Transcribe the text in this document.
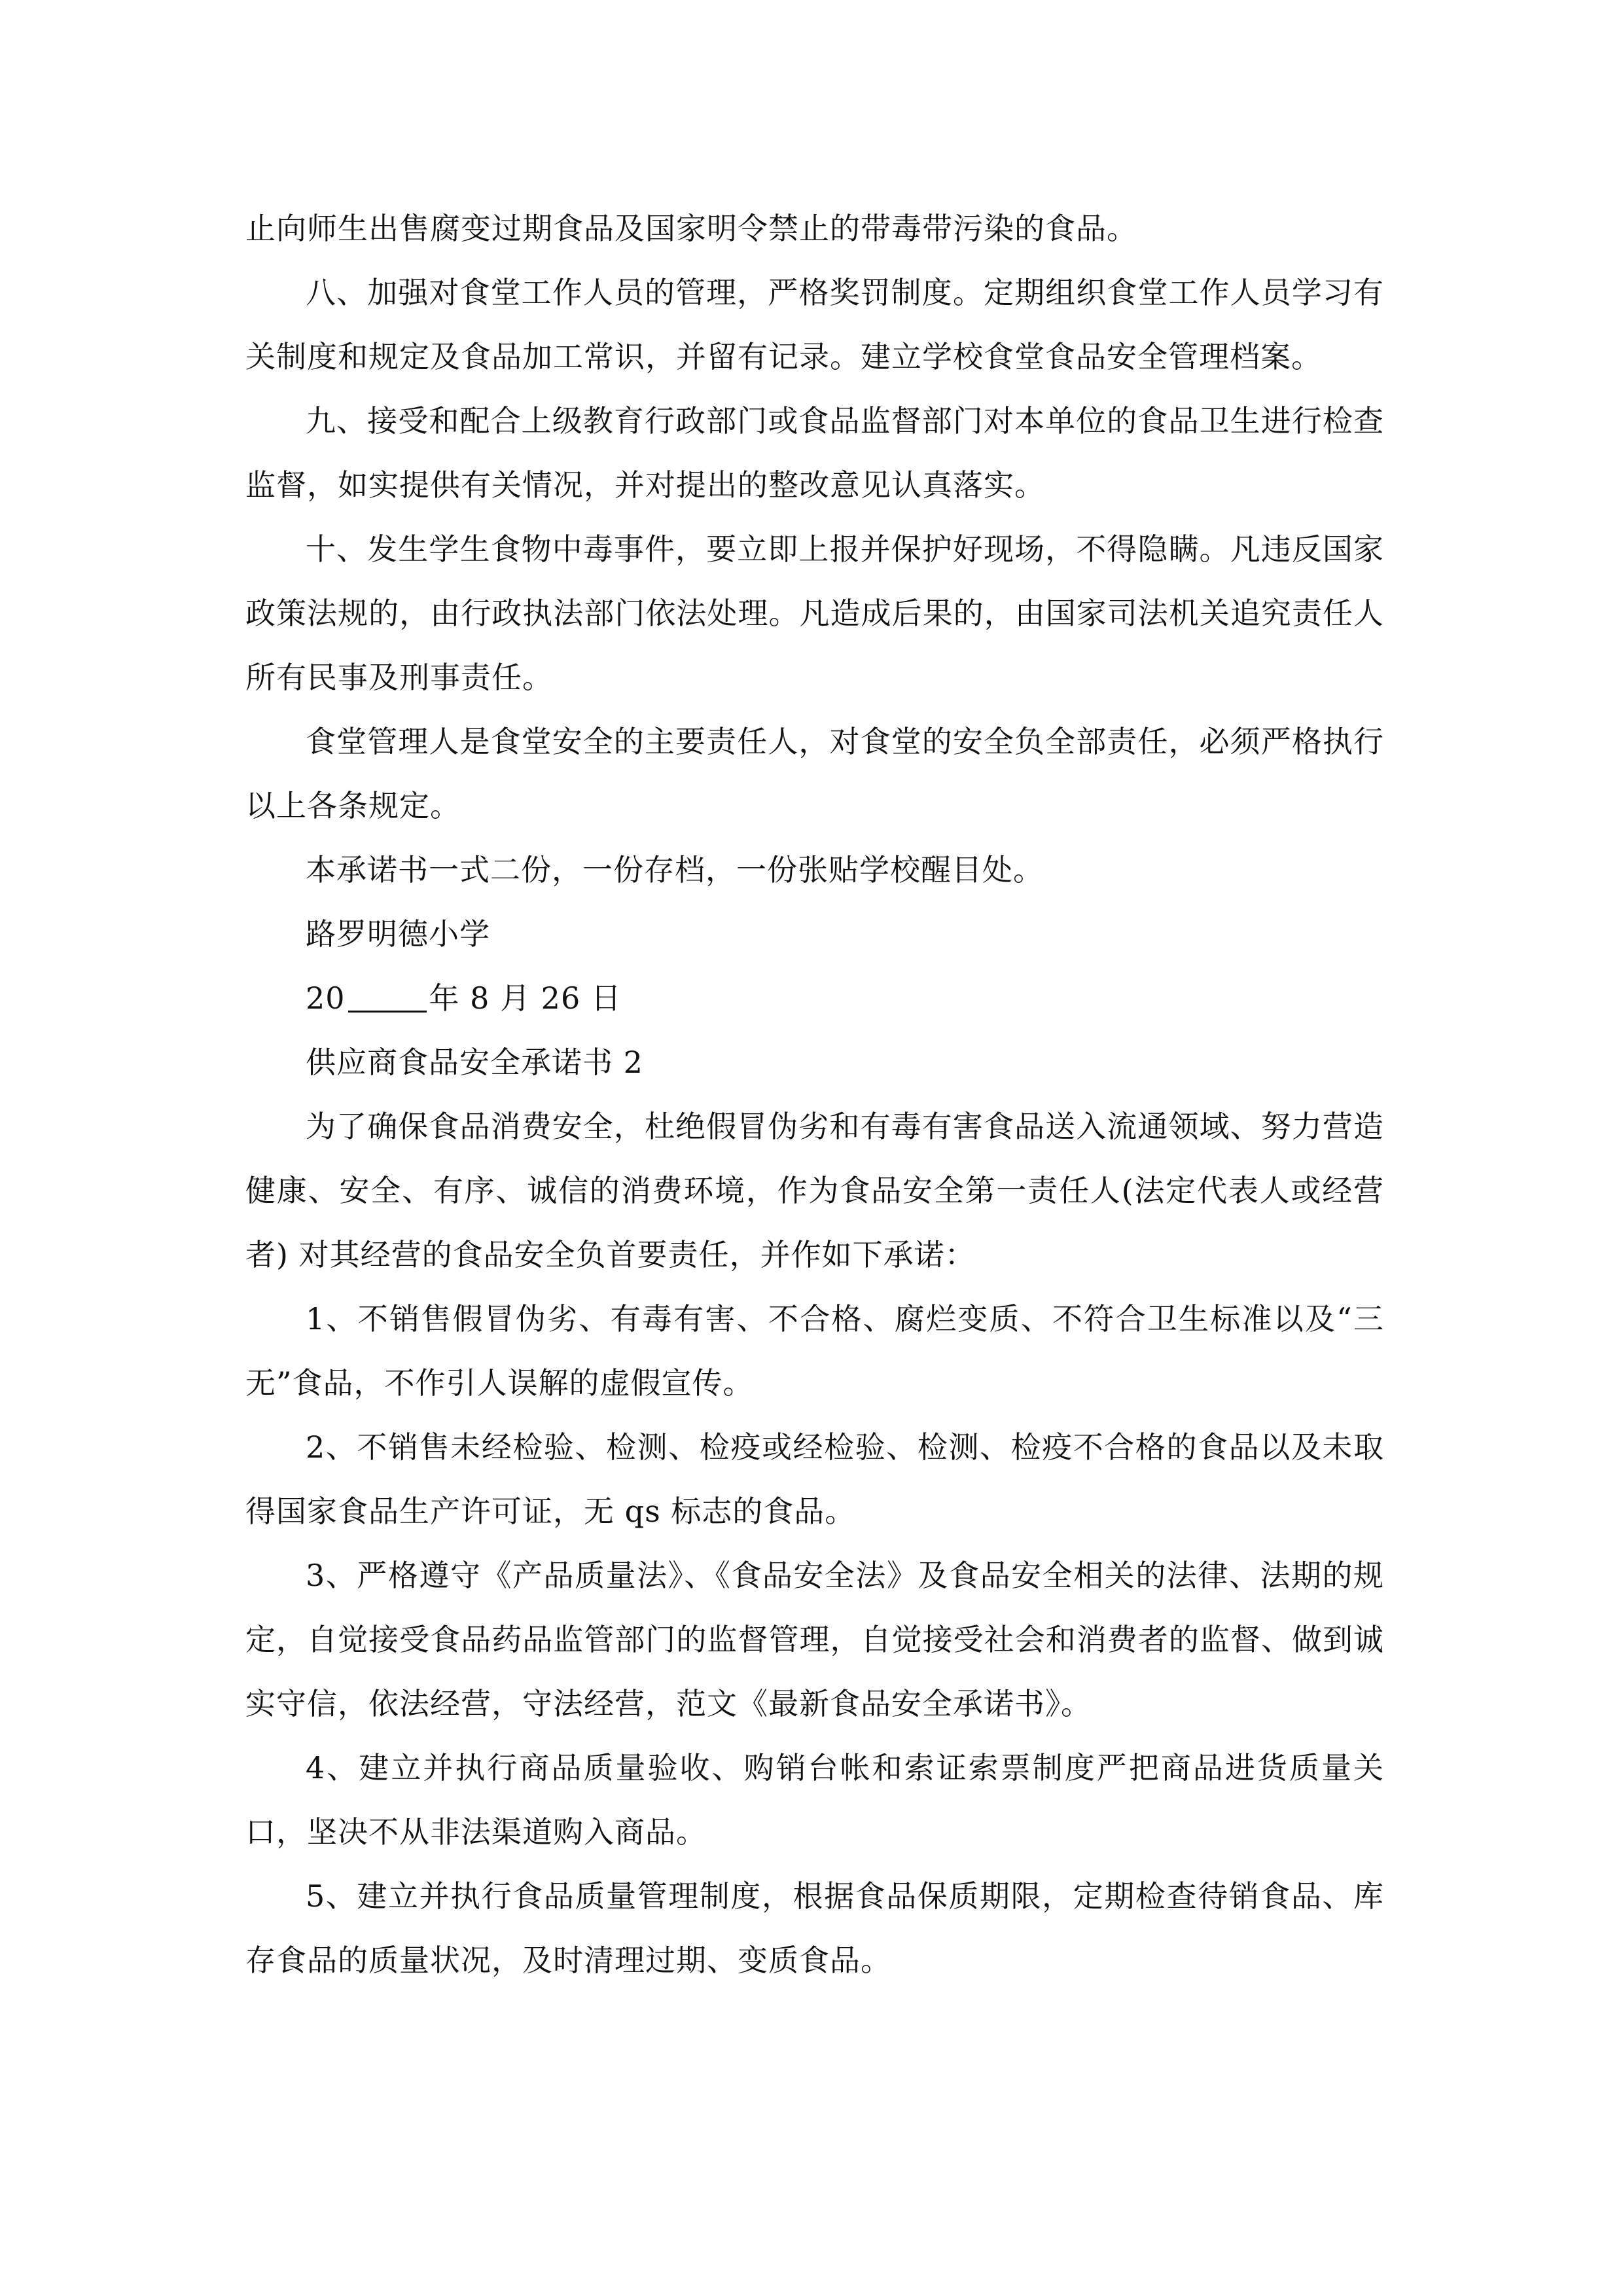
止向师生出售腐变过期食品及国家明令禁止的带毒带污染的食品。

八、加强对食堂工作人员的管理，严格奖罚制度。定期组织食堂工作人员学习有关制度和规定及食品加工常识，并留有记录。建立学校食堂食品安全管理档案。

九、接受和配合上级教育行政部门或食品监督部门对本单位的食品卫生进行检查监督，如实提供有关情况，并对提出的整改意见认真落实。

十、发生学生食物中毒事件，要立即上报并保护好现场，不得隐瞒。凡违反国家政策法规的，由行政执法部门依法处理。凡造成后果的，由国家司法机关追究责任人所有民事及刑事责任。

食堂管理人是食堂安全的主要责任人，对食堂的安全负全部责任，必须严格执行以上各条规定。

本承诺书一式二份，一份存档，一份张贴学校醒目处。

路罗明德小学

20	年 8 月 26 日

供应商食品安全承诺书 2

为了确保食品消费安全，杜绝假冒伪劣和有毒有害食品送入流通领域、努力营造健康、安全、有序、诚信的消费环境，作为食品安全第一责任人(法定代表人或经营者) 对其经营的食品安全负首要责任，并作如下承诺：

1、不销售假冒伪劣、有毒有害、不合格、腐烂变质、不符合卫生标准以及“三无”食品，不作引人误解的虚假宣传。

2、不销售未经检验、检测、检疫或经检验、检测、检疫不合格的食品以及未取得国家食品生产许可证，无 qs 标志的食品。

3、严格遵守《产品质量法》、《食品安全法》及食品安全相关的法律、法期的规定，自觉接受食品药品监管部门的监督管理，自觉接受社会和消费者的监督、做到诚实守信，依法经营，守法经营，范文《最新食品安全承诺书》。

4、建立并执行商品质量验收、购销台帐和索证索票制度严把商品进货质量关口，坚决不从非法渠道购入商品。

5、建立并执行食品质量管理制度，根据食品保质期限，定期检查待销食品、库存食品的质量状况，及时清理过期、变质食品。
